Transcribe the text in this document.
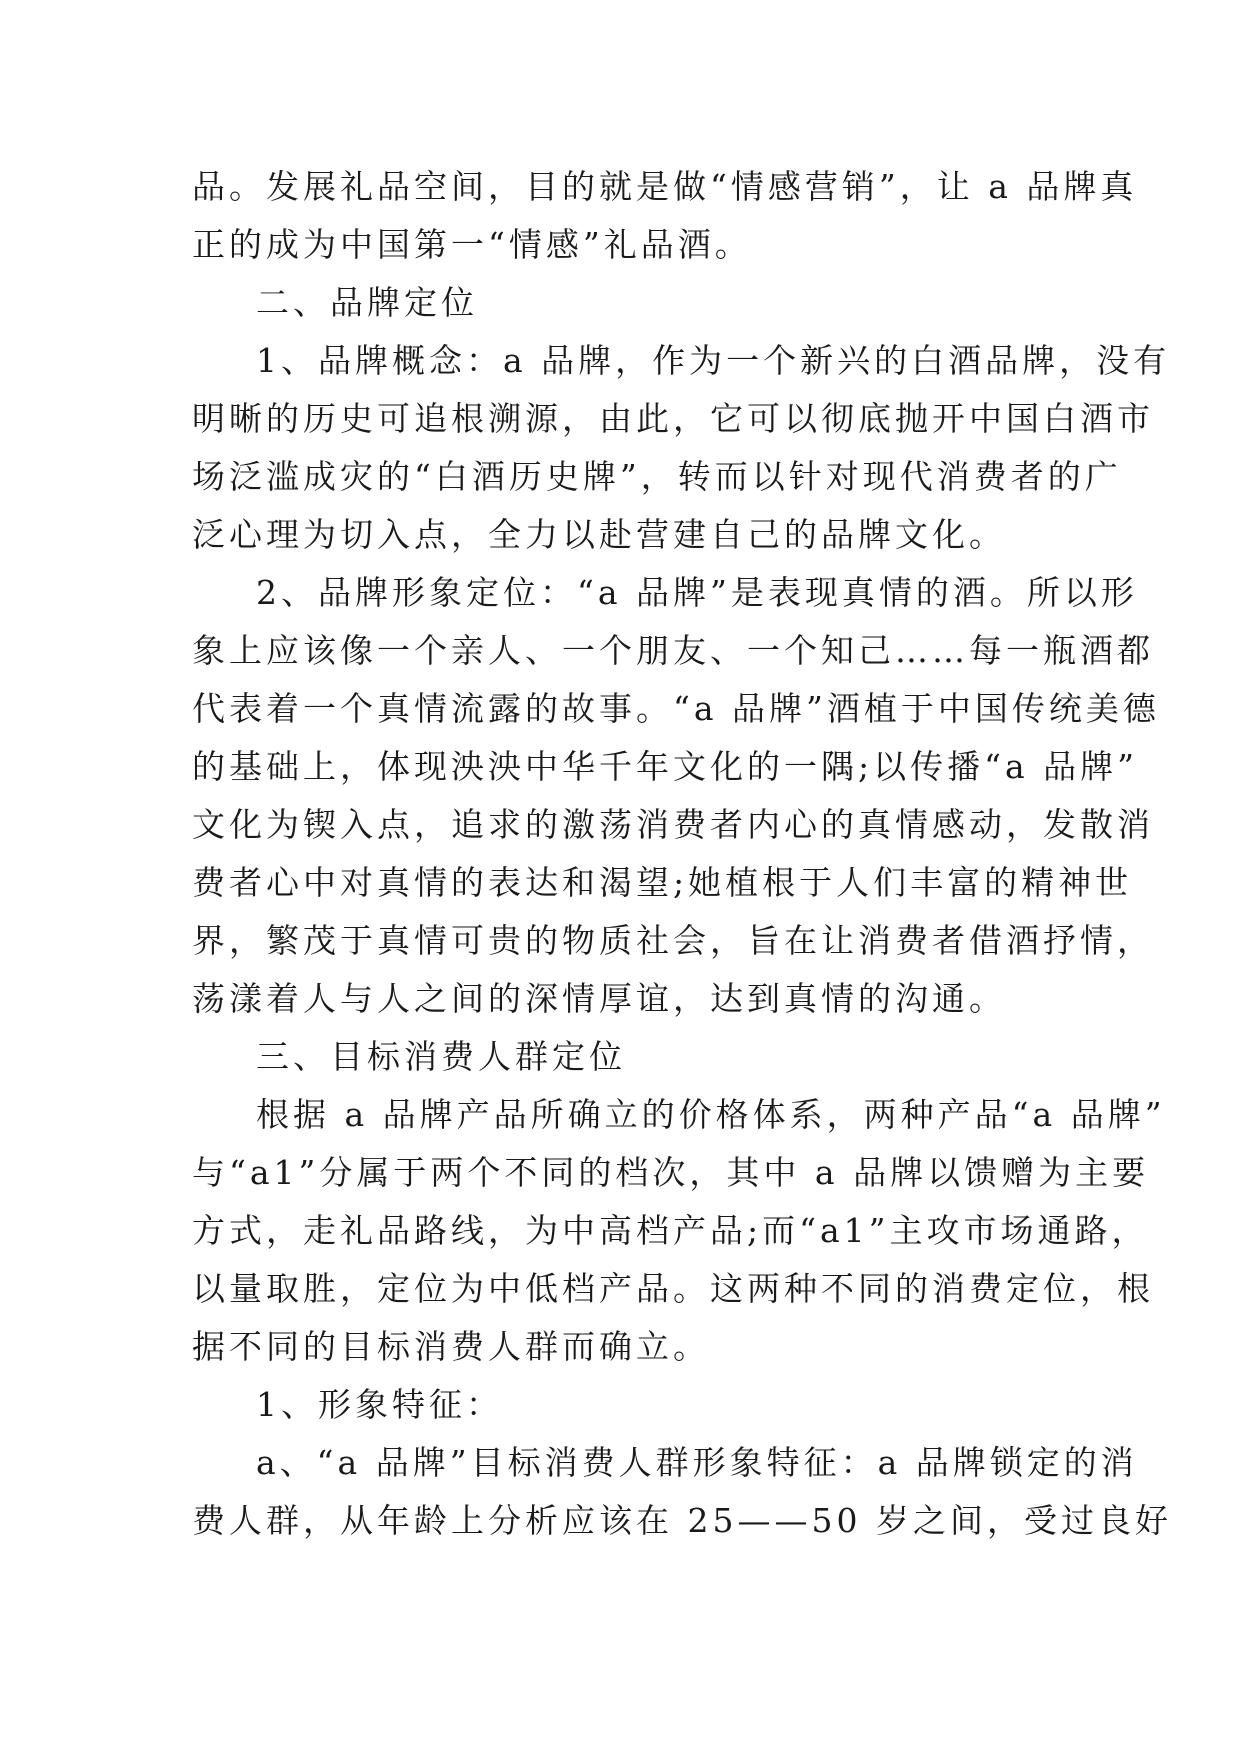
品。发展礼品空间，目的就是做“情感营销”，让 a 品牌真
正的成为中国第一“情感”礼品酒。
二、品牌定位
1、品牌概念：a 品牌，作为一个新兴的白酒品牌，没有
明晰的历史可追根溯源，由此，它可以彻底抛开中国白酒市
场泛滥成灾的“白酒历史牌”，转而以针对现代消费者的广
泛心理为切入点，全力以赴营建自己的品牌文化。
2、品牌形象定位：“a 品牌”是表现真情的酒。所以形
象上应该像一个亲人、一个朋友、一个知己……每一瓶酒都
代表着一个真情流露的故事。“a 品牌”酒植于中国传统美德
的基础上，体现泱泱中华千年文化的一隅;以传播“a 品牌”
文化为锲入点，追求的激荡消费者内心的真情感动，发散消
费者心中对真情的表达和渴望;她植根于人们丰富的精神世
界，繁茂于真情可贵的物质社会，旨在让消费者借酒抒情，
荡漾着人与人之间的深情厚谊，达到真情的沟通。
三、目标消费人群定位
根据 a 品牌产品所确立的价格体系，两种产品“a 品牌”
与“a1”分属于两个不同的档次，其中 a 品牌以馈赠为主要
方式，走礼品路线，为中高档产品;而“a1”主攻市场通路，
以量取胜，定位为中低档产品。这两种不同的消费定位，根
据不同的目标消费人群而确立。
1、形象特征：
a、“a 品牌”目标消费人群形象特征：a 品牌锁定的消
费人群，从年龄上分析应该在 25——50 岁之间，受过良好
